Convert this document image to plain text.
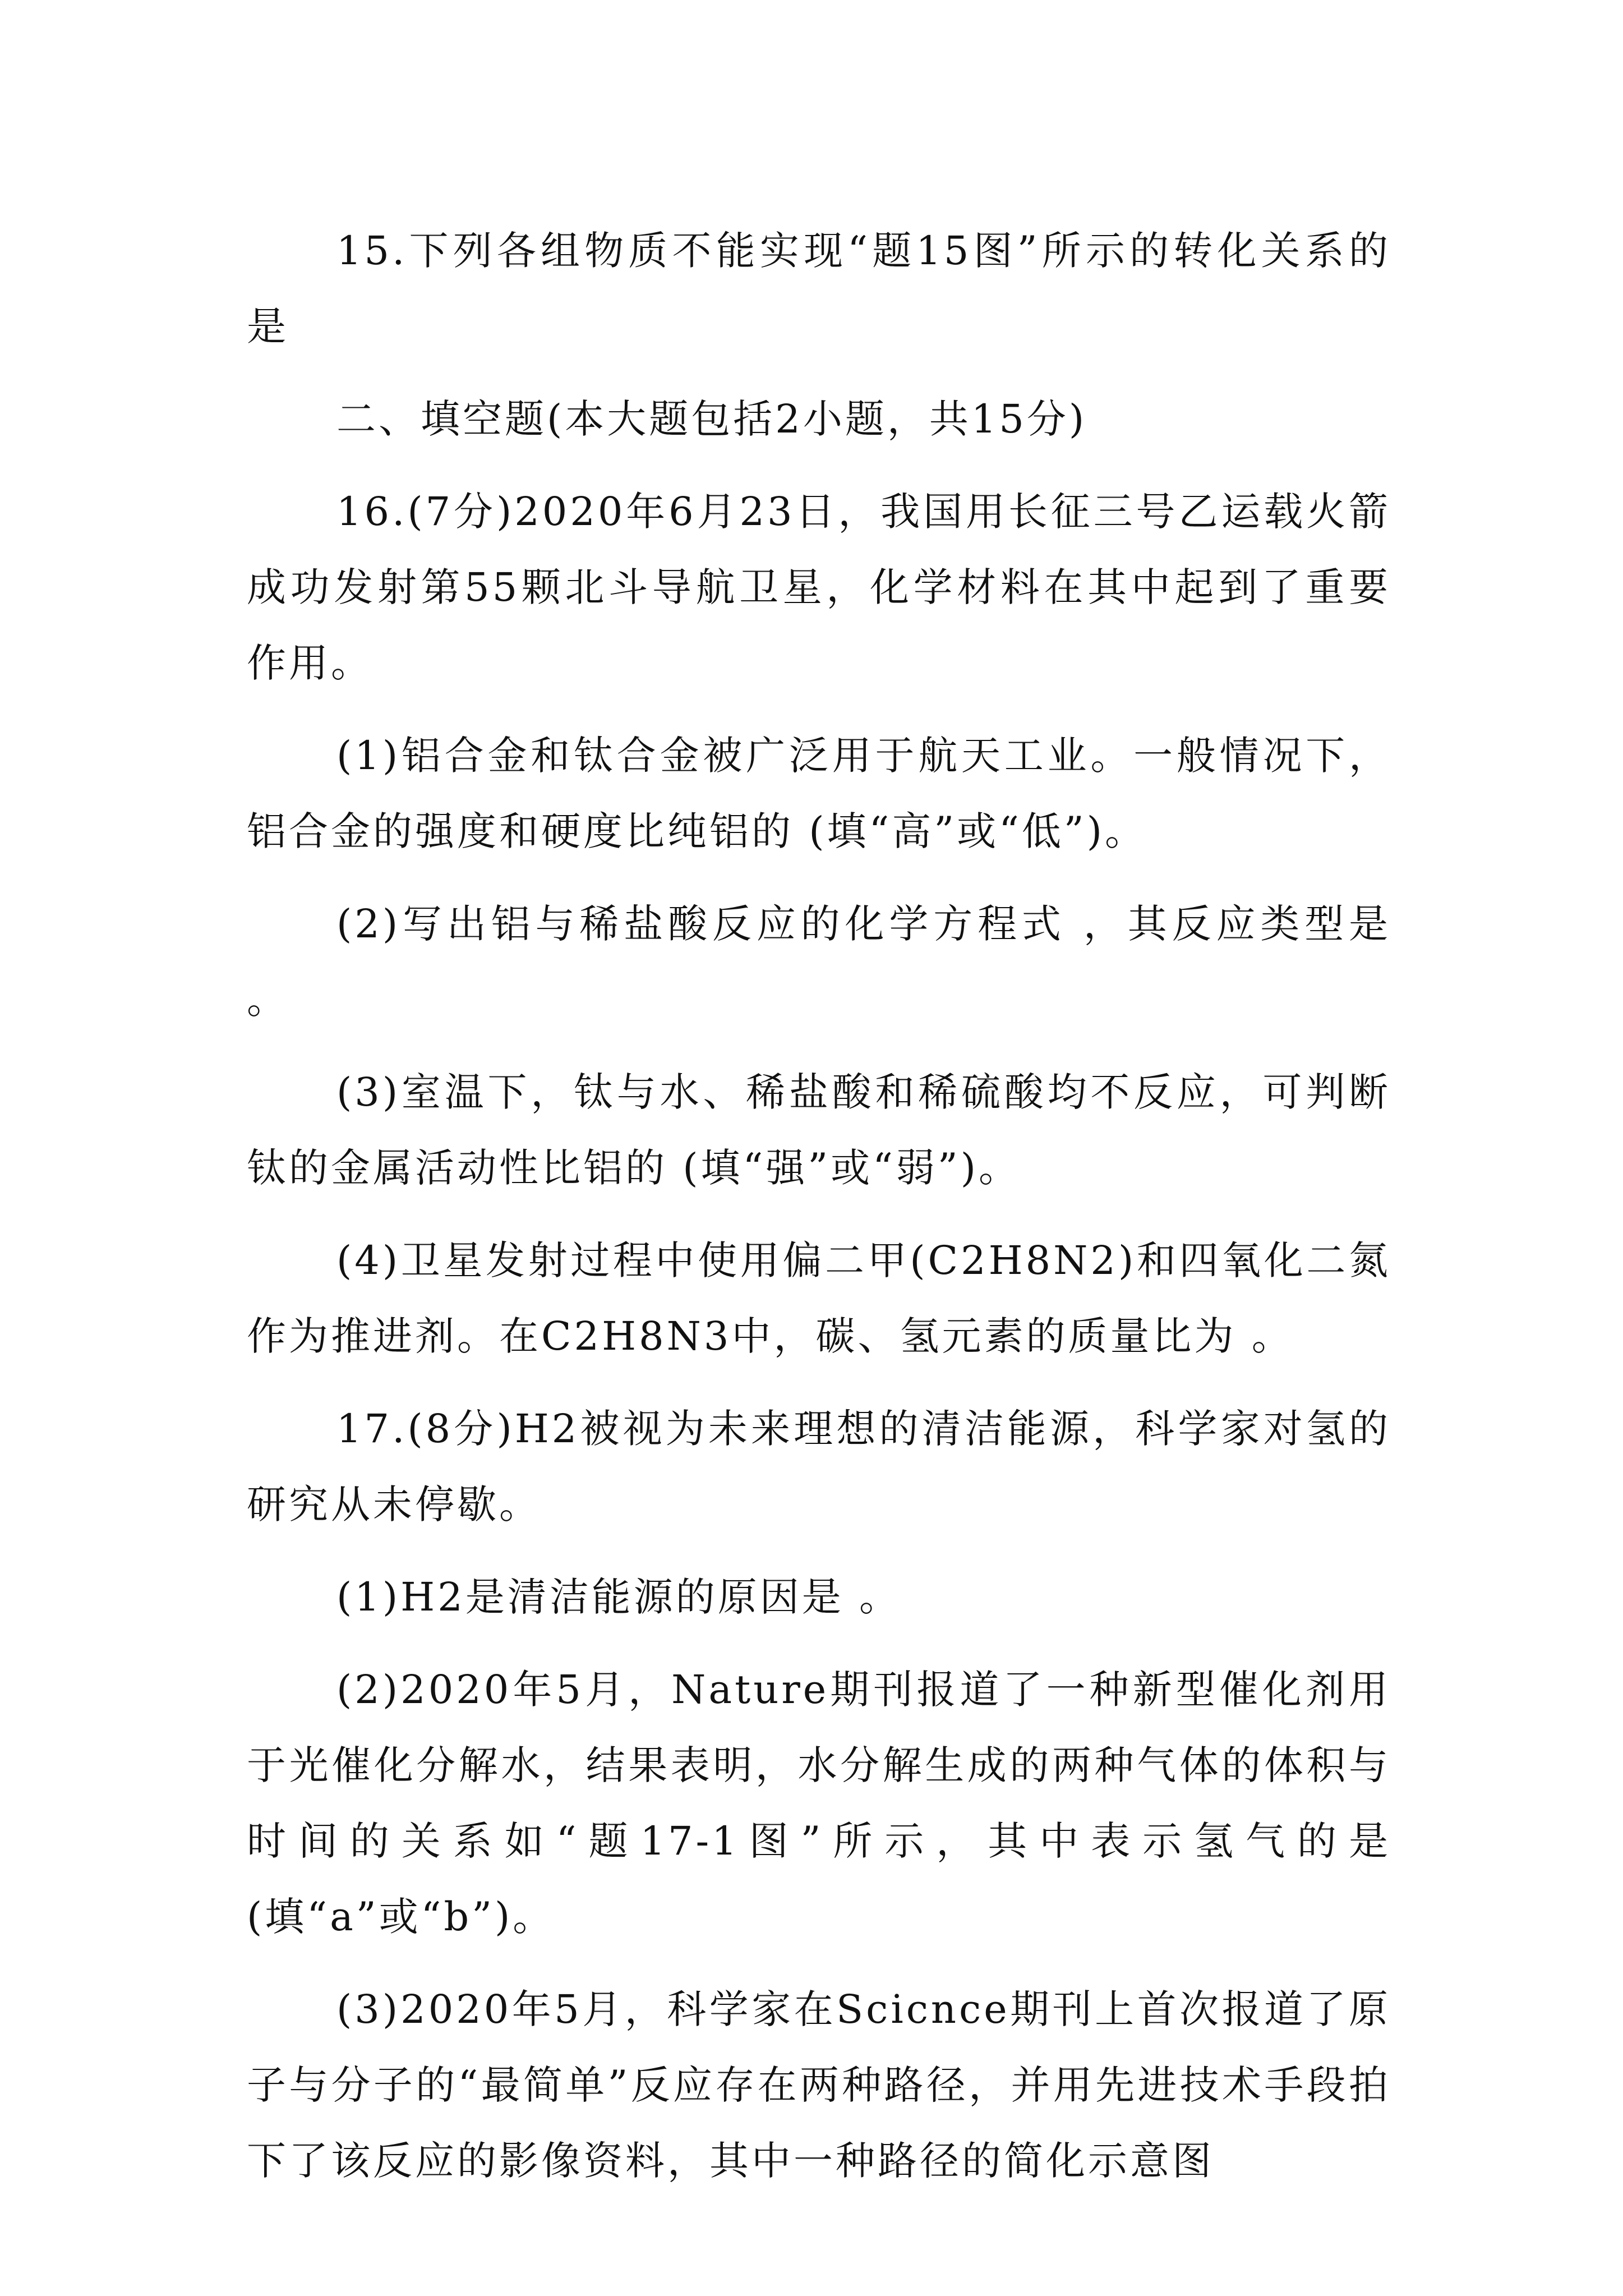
15.下列各组物质不能实现“题15图”所示的转化关系的是

二、填空题(本大题包括2小题，共15分)

16.(7分)2020年6月23日，我国用长征三号乙运载火箭成功发射第55颗北斗导航卫星，化学材料在其中起到了重要作用。

(1)铝合金和钛合金被广泛用于航天工业。一般情况下，铝合金的强度和硬度比纯铝的 (填“高”或“低”)。

(2)写出铝与稀盐酸反应的化学方程式 ，其反应类型是 。

(3)室温下，钛与水、稀盐酸和稀硫酸均不反应，可判断钛的金属活动性比铝的 (填“强”或“弱”)。

(4)卫星发射过程中使用偏二甲(C2H8N2)和四氧化二氮作为推进剂。在C2H8N3中，碳、氢元素的质量比为 。

17.(8分)H2被视为未来理想的清洁能源，科学家对氢的研究从未停歇。

(1)H2是清洁能源的原因是 。

(2)2020年5月，Nature期刊报道了一种新型催化剂用于光催化分解水，结果表明，水分解生成的两种气体的体积与时间的关系如“题17-1图”所示，其中表示氢气的是 (填“a”或“b”)。

(3)2020年5月，科学家在Scicnce期刊上首次报道了原子与分子的“最简单”反应存在两种路径，并用先进技术手段拍下了该反应的影像资料，其中一种路径的简化示意图
